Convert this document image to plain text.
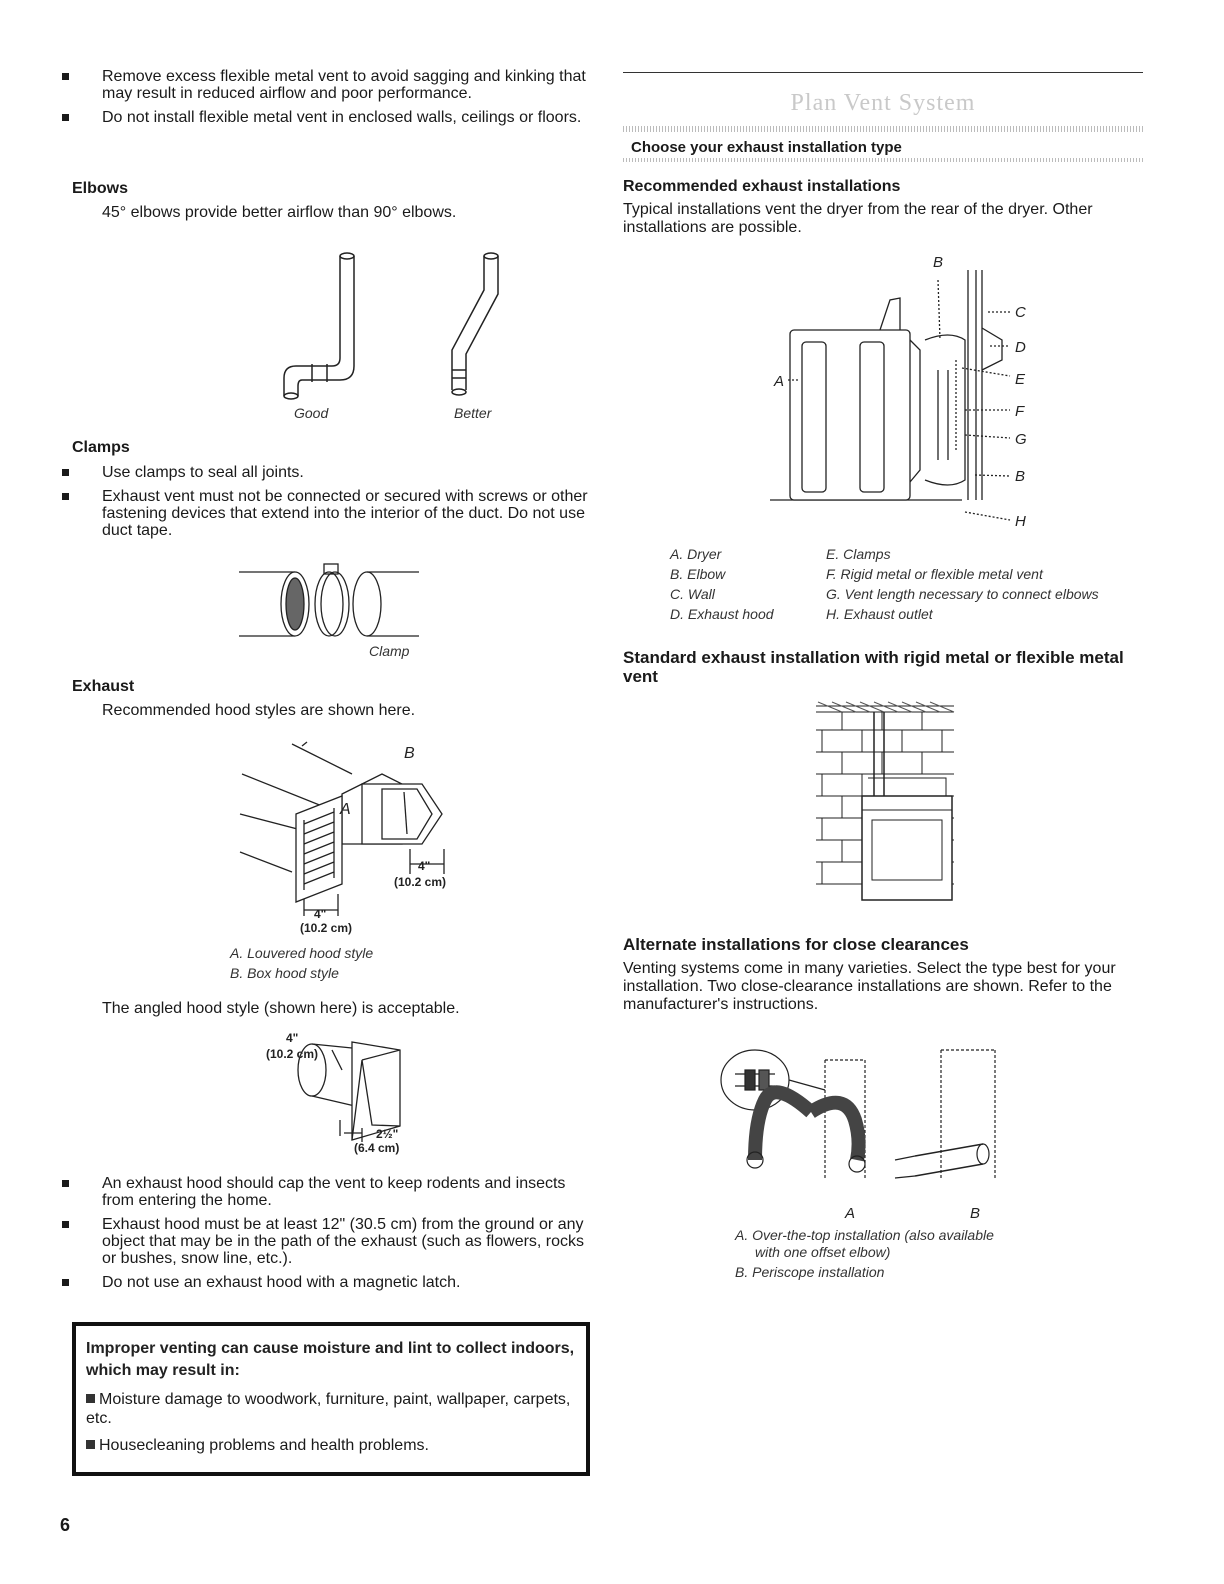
Remove excess flexible metal vent to avoid sagging and kinking that may result in reduced airflow and poor performance.
Do not install flexible metal vent in enclosed walls, ceilings or floors.
Elbows

45° elbows provide better airflow than 90° elbows.

Good	Better
Clamps
Use clamps to seal all joints.
Exhaust vent must not be connected or secured with screws or other fastening devices that extend into the interior of the duct. Do not use duct tape.
Clamp
Exhaust

Recommended hood styles are shown here.

B
A
4"
(10.2 cm)
4"
(10.2 cm)

A. Louvered hood style

B. Box hood style

The angled hood style (shown here) is acceptable.

4"
(10.2 cm)
2½"
(6.4 cm)
An exhaust hood should cap the vent to keep rodents and insects from entering the home.
Exhaust hood must be at least 12" (30.5 cm) from the ground or any object that may be in the path of the exhaust (such as flowers, rocks or bushes, snow line, etc.).
Do not use an exhaust hood with a magnetic latch.
Improper venting can cause moisture and lint to collect indoors, which may result in:

Moisture damage to woodwork, furniture, paint, wallpaper, carpets, etc.

Housecleaning problems and health problems.

6
Plan Vent System
Choose your exhaust installation type
Recommended exhaust installations

Typical installations vent the dryer from the rear of the dryer. Other installations are possible.

B
C
D
A	E
F
G
B
H

A. Dryer

B. Elbow

C. Wall

D. Exhaust hood

E. Clamps

F. Rigid metal or flexible metal vent

G. Vent length necessary to connect elbows

H. Exhaust outlet

Standard exhaust installation with rigid metal or flexible metal vent
Alternate installations for close clearances

Venting systems come in many varieties. Select the type best for your installation. Two close-clearance installations are shown. Refer to the manufacturer's instructions.

A	B

A. Over-the-top installation (also available

with one offset elbow)

B. Periscope installation
